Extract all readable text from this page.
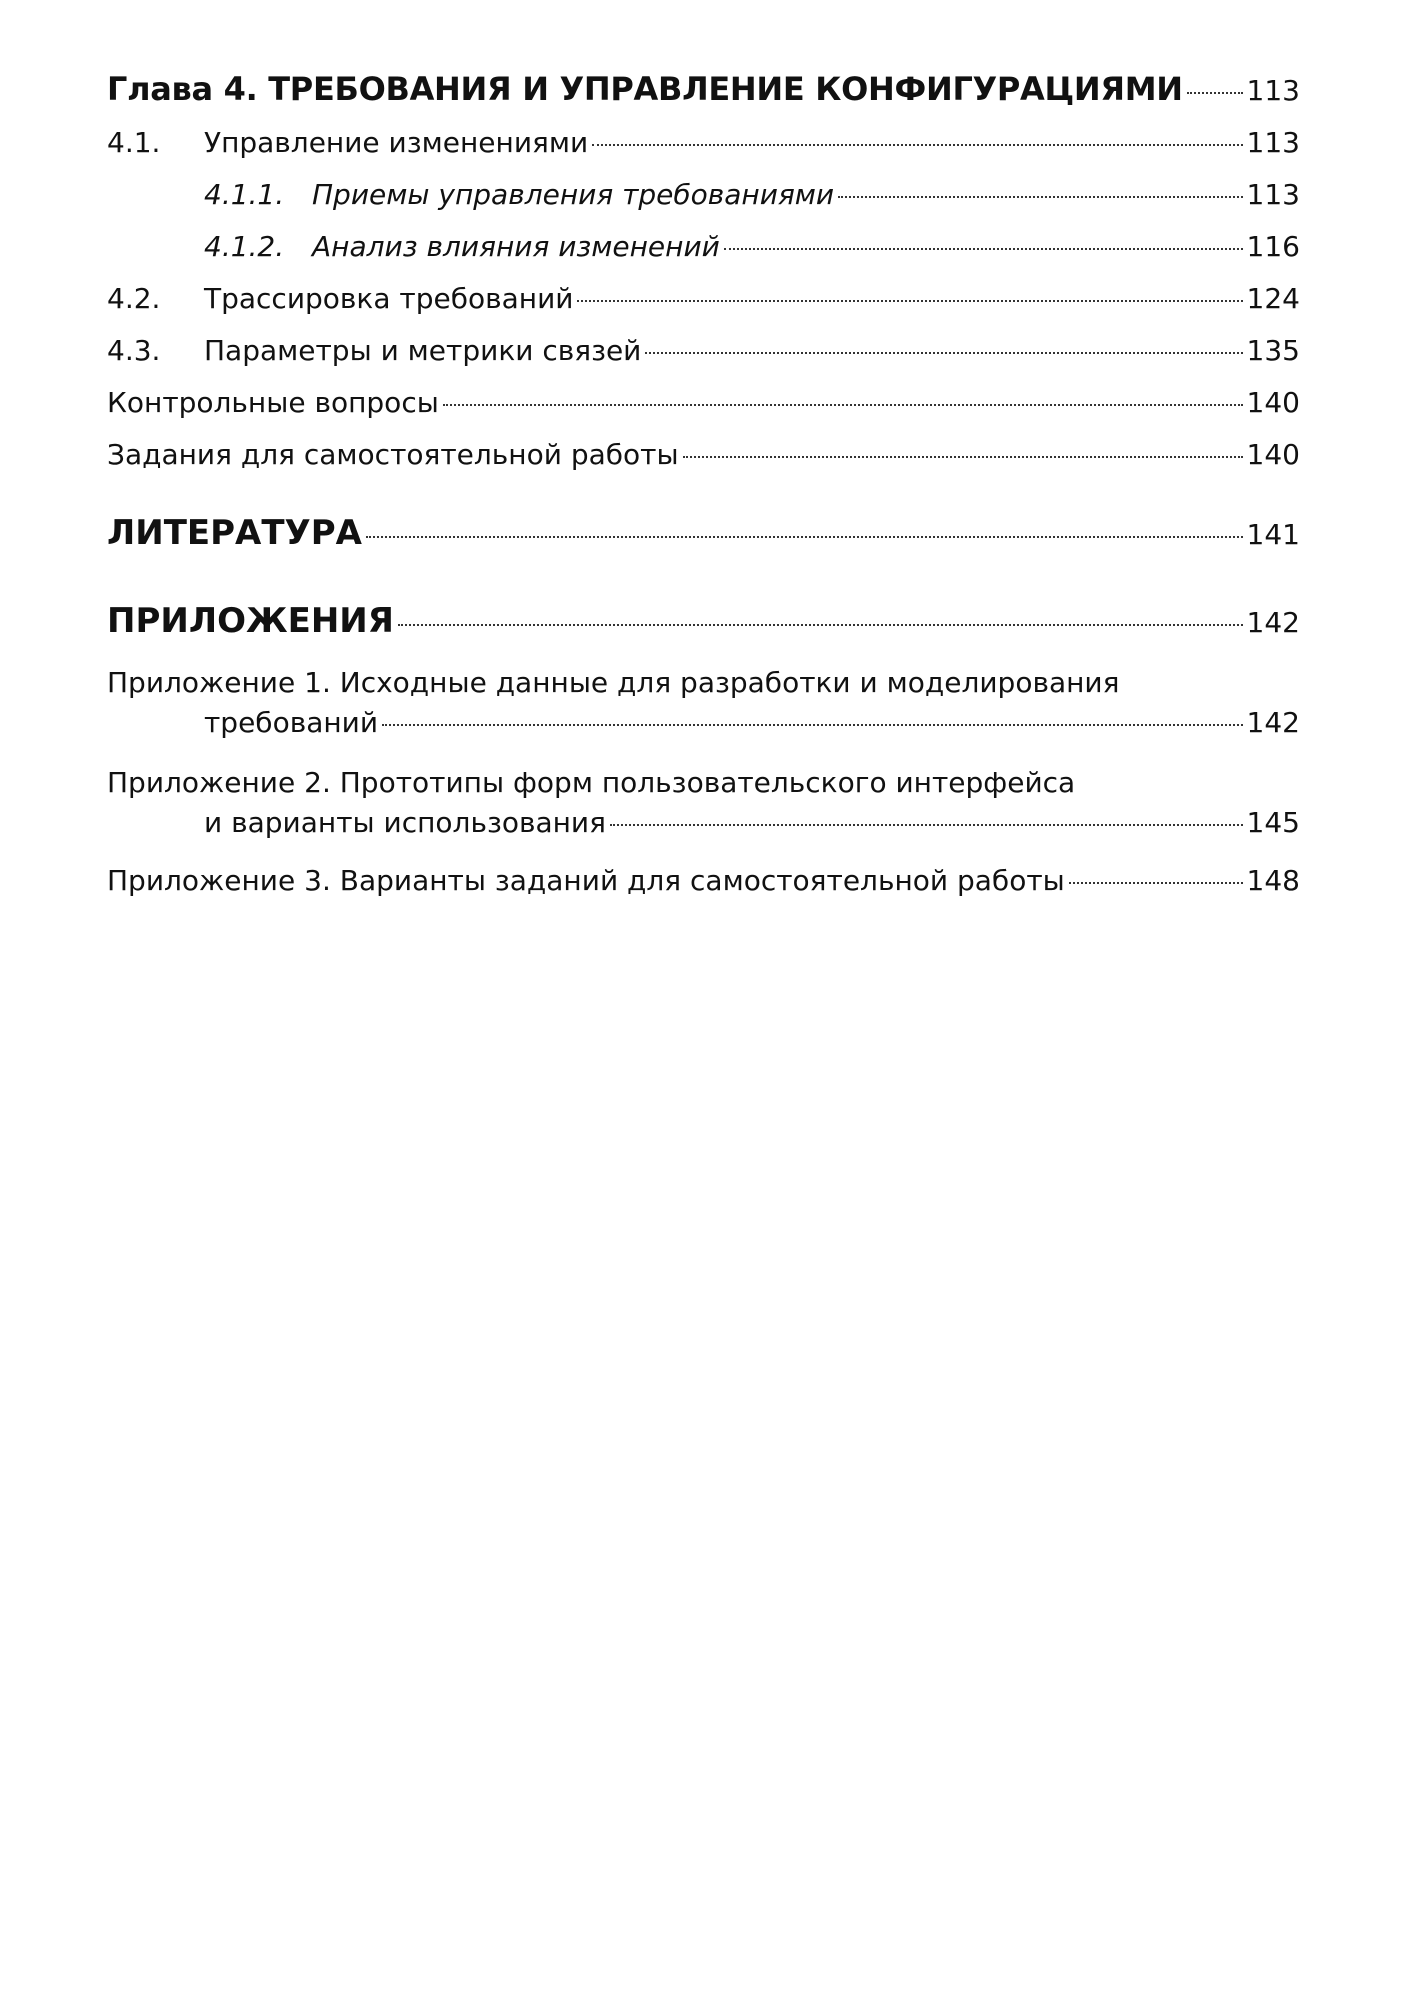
Глава 4. ТРЕБОВАНИЯ И УПРАВЛЕНИЕ КОНФИГУРАЦИЯМИ 113
4.1.	Управление изменениями	113
4.1.1. Приемы управления требованиями	113
4.1.2. Анализ влияния изменений	116
4.2.	Трассировка требований	124
4.3.	Параметры и метрики связей	135
Контрольные вопросы	140
Задания для самостоятельной работы	140
ЛИТЕРАТУРА	141
ПРИЛОЖЕНИЯ	142
Приложение 1. Исходные данные для разработки и моделирования
требований	142
Приложение 2. Прототипы форм пользовательского интерфейса
и варианты использования	145
Приложение 3. Варианты заданий для самостоятельной работы	148
